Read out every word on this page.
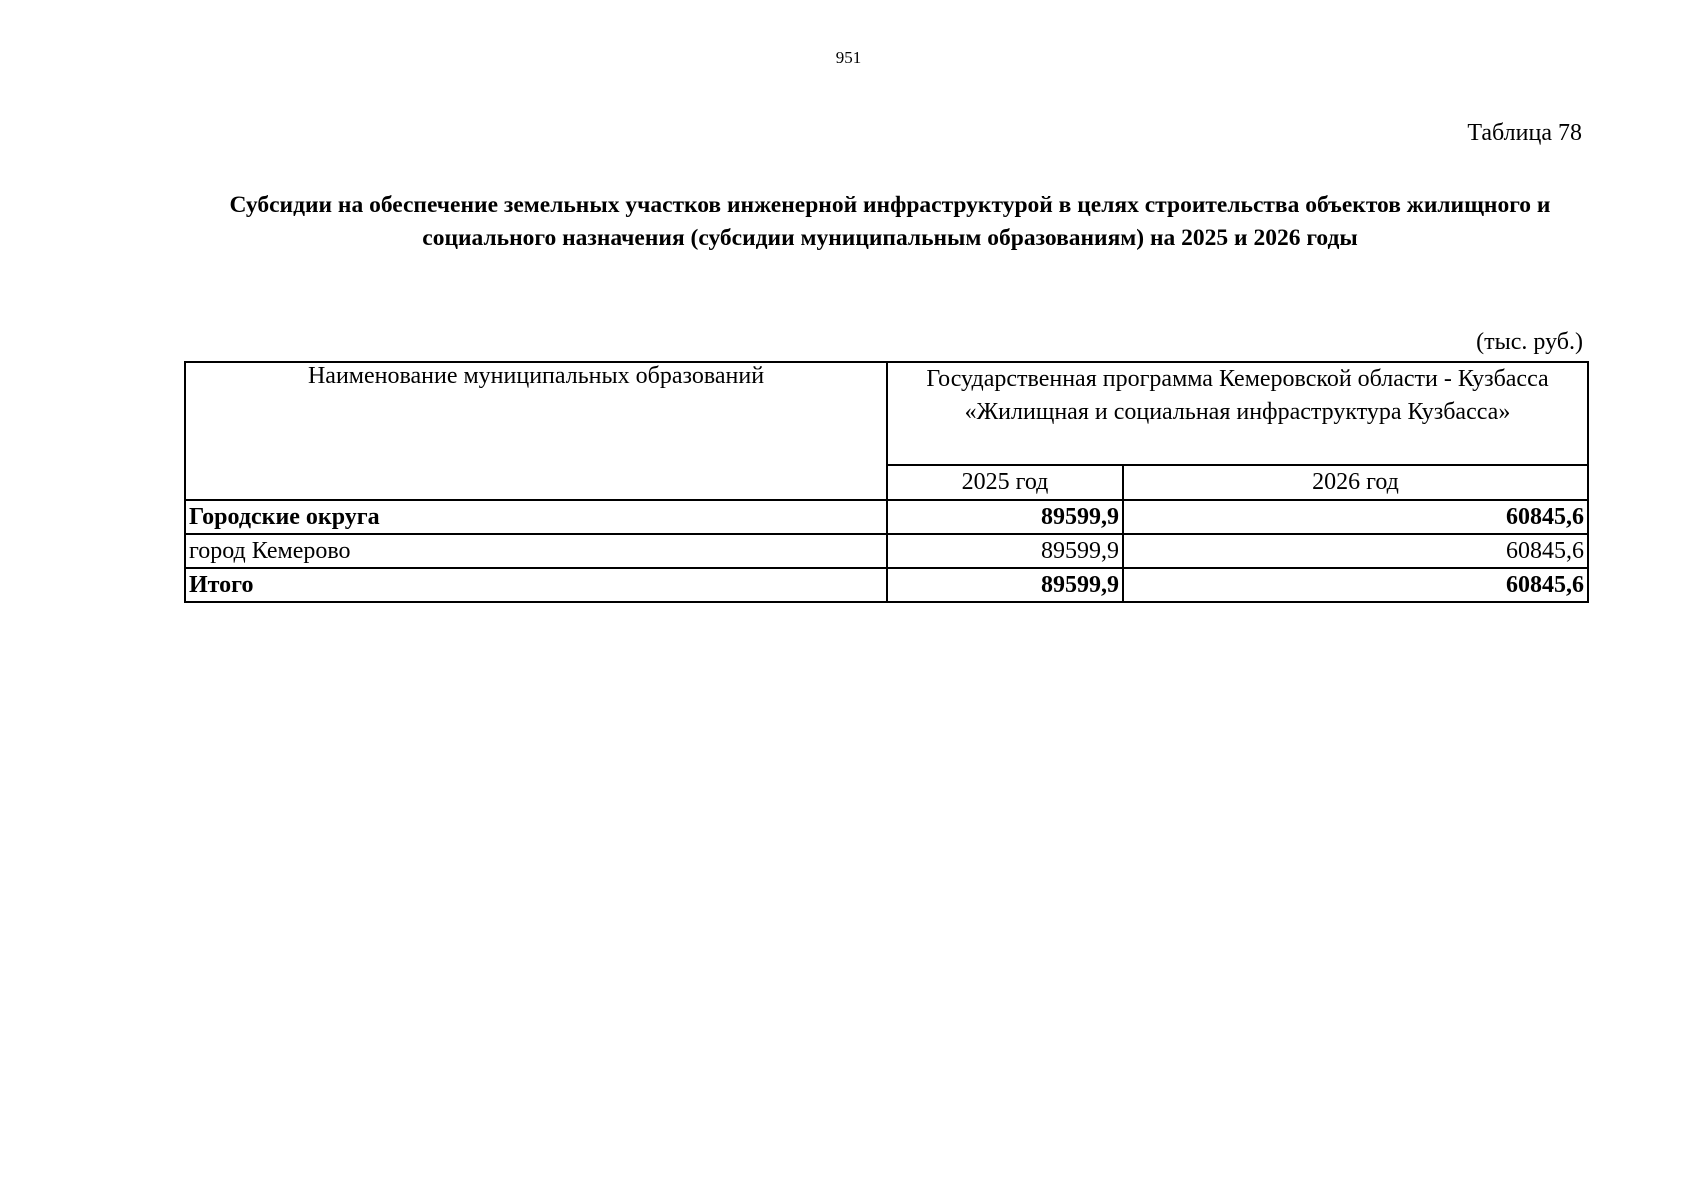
951
Таблица 78
Субсидии на обеспечение земельных участков инженерной инфраструктурой в целях строительства объектов жилищного и социального назначения (субсидии муниципальным образованиям) на 2025 и 2026 годы
(тыс. руб.)
Наименование муниципальных образований	Государственная программа Кемеровской области - Кузбасса «Жилищная и социальная инфраструктура Кузбасса»	
	2025 год	2026 год
Городские округа	89599,9	60845,6
город Кемерово	89599,9	60845,6
Итого	89599,9	60845,6
